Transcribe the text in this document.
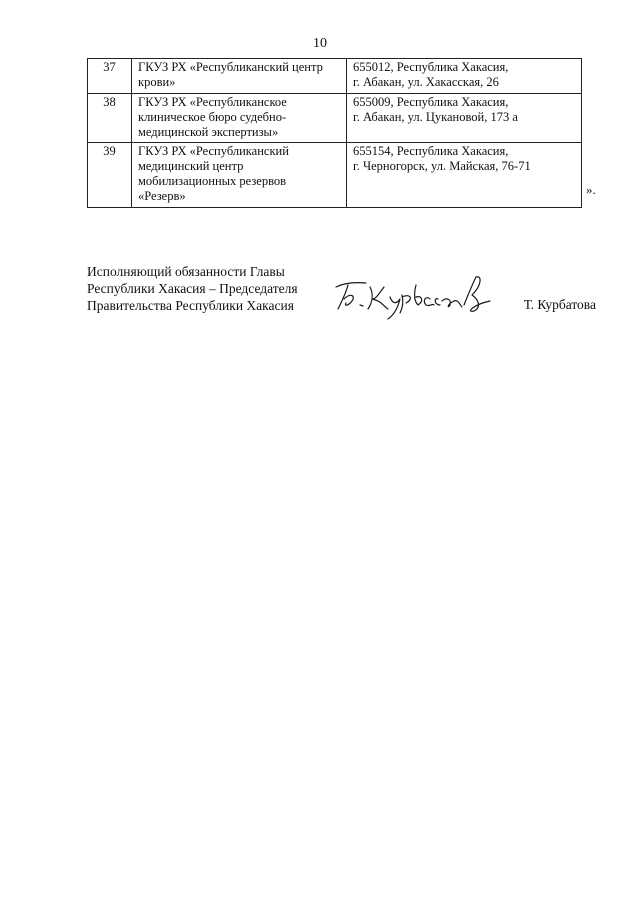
10
37	ГКУЗ РХ «Республиканский центр
крови»	655012, Республика Хакасия,
г. Абакан, ул. Хакасская, 26
38	ГКУЗ РХ «Республиканское
клиническое бюро судебно-
медицинской экспертизы»	655009, Республика Хакасия,
г. Абакан, ул. Цукановой, 173 а
39	ГКУЗ РХ «Республиканский
медицинский центр
мобилизационных резервов
«Резерв»	655154, Республика Хакасия,
г. Черногорск, ул. Майская, 76-71
».
Исполняющий обязанности Главы
Республики Хакасия – Председателя
Правительства Республики Хакасия	Т. Курбатова
